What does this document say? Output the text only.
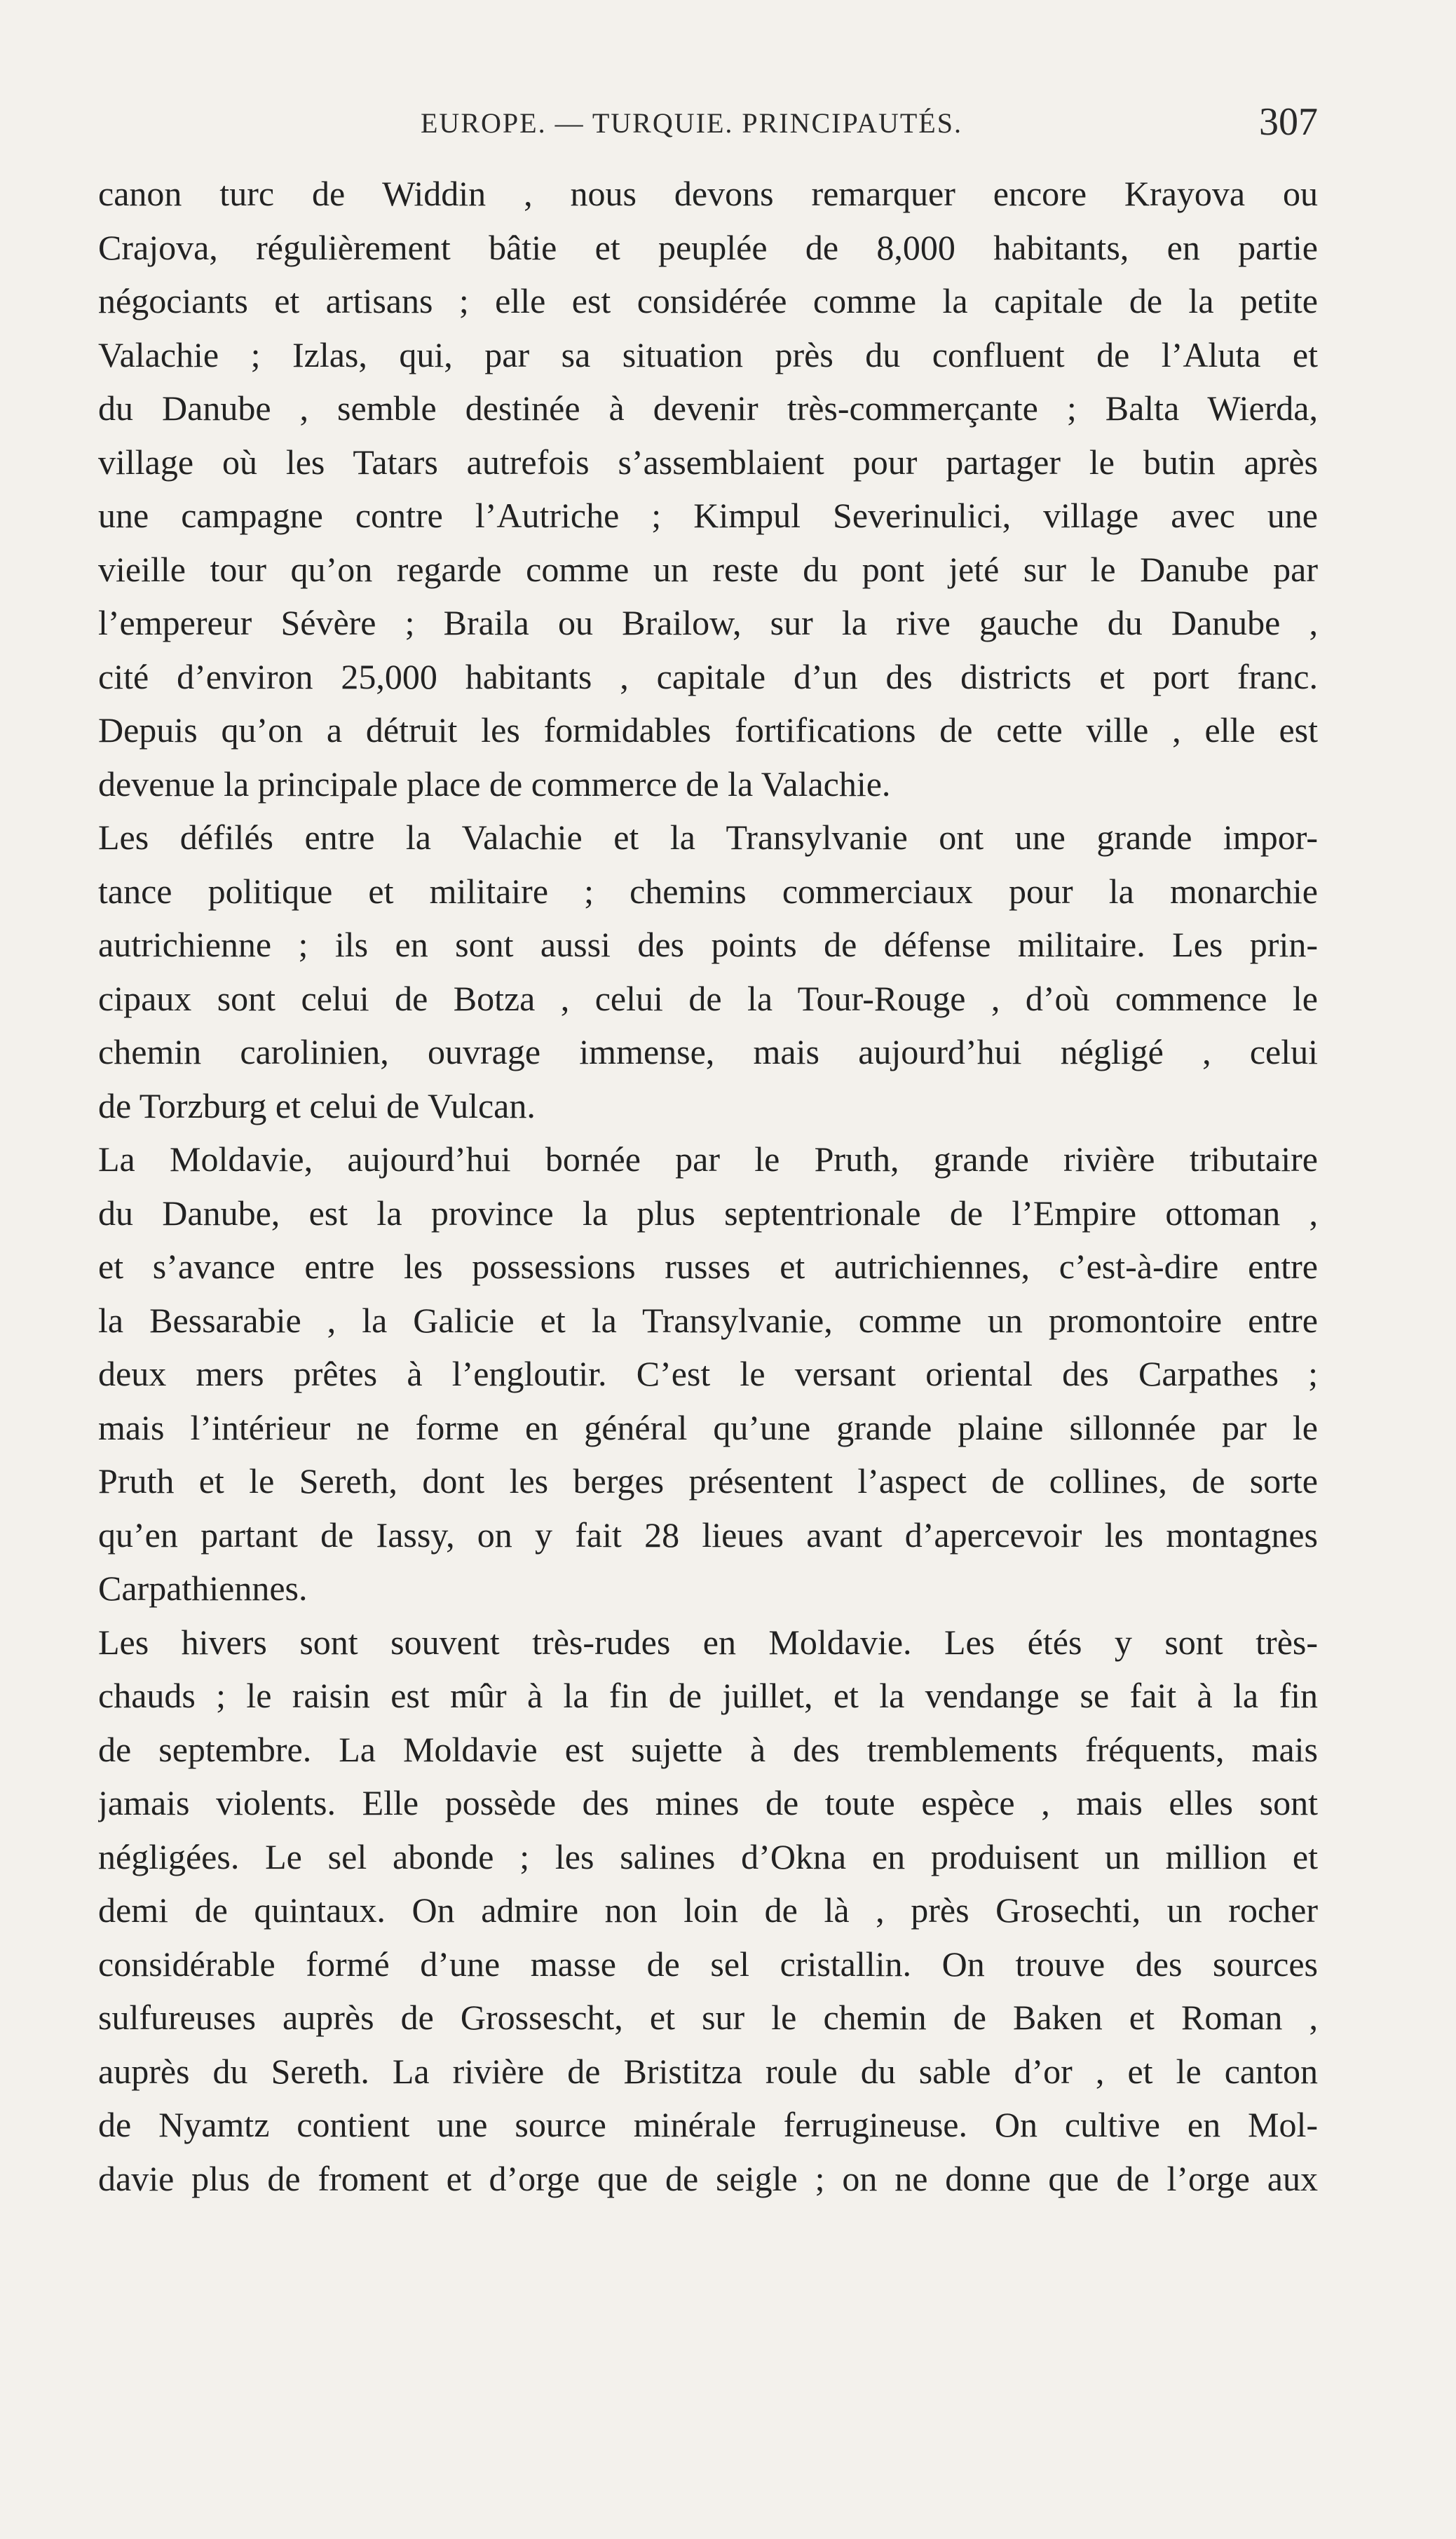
EUROPE. — TURQUIE. PRINCIPAUTÉS.	307
canon turc de Widdin , nous devons remarquer encore Krayova ou
Crajova, régulièrement bâtie et peuplée de 8,000 habitants, en partie
négociants et artisans ; elle est considérée comme la capitale de la petite
Valachie ; Izlas, qui, par sa situation près du confluent de l’Aluta et
du Danube , semble destinée à devenir très-commerçante ; Balta Wierda,
village où les Tatars autrefois s’assemblaient pour partager le butin après
une campagne contre l’Autriche ; Kimpul Severinulici, village avec une
vieille tour qu’on regarde comme un reste du pont jeté sur le Danube par
l’empereur Sévère ; Braila ou Brailow, sur la rive gauche du Danube ,
cité d’environ 25,000 habitants , capitale d’un des districts et port franc.
Depuis qu’on a détruit les formidables fortifications de cette ville , elle est
devenue la principale place de commerce de la Valachie.
Les défilés entre la Valachie et la Transylvanie ont une grande impor-
tance politique et militaire ; chemins commerciaux pour la monarchie
autrichienne ; ils en sont aussi des points de défense militaire. Les prin-
cipaux sont celui de Botza , celui de la Tour-Rouge , d’où commence le
chemin carolinien, ouvrage immense, mais aujourd’hui négligé , celui
de Torzburg et celui de Vulcan.
La Moldavie, aujourd’hui bornée par le Pruth, grande rivière tributaire
du Danube, est la province la plus septentrionale de l’Empire ottoman ,
et s’avance entre les possessions russes et autrichiennes, c’est-à-dire entre
la Bessarabie , la Galicie et la Transylvanie, comme un promontoire entre
deux mers prêtes à l’engloutir. C’est le versant oriental des Carpathes ;
mais l’intérieur ne forme en général qu’une grande plaine sillonnée par le
Pruth et le Sereth, dont les berges présentent l’aspect de collines, de sorte
qu’en partant de Iassy, on y fait 28 lieues avant d’apercevoir les montagnes
Carpathiennes.
Les hivers sont souvent très-rudes en Moldavie. Les étés y sont très-
chauds ; le raisin est mûr à la fin de juillet, et la vendange se fait à la fin
de septembre. La Moldavie est sujette à des tremblements fréquents, mais
jamais violents. Elle possède des mines de toute espèce , mais elles sont
négligées. Le sel abonde ; les salines d’Okna en produisent un million et
demi de quintaux. On admire non loin de là , près Grosechti, un rocher
considérable formé d’une masse de sel cristallin. On trouve des sources
sulfureuses auprès de Grossescht, et sur le chemin de Baken et Roman ,
auprès du Sereth. La rivière de Bristitza roule du sable d’or , et le canton
de Nyamtz contient une source minérale ferrugineuse. On cultive en Mol-
davie plus de froment et d’orge que de seigle ; on ne donne que de l’orge aux
